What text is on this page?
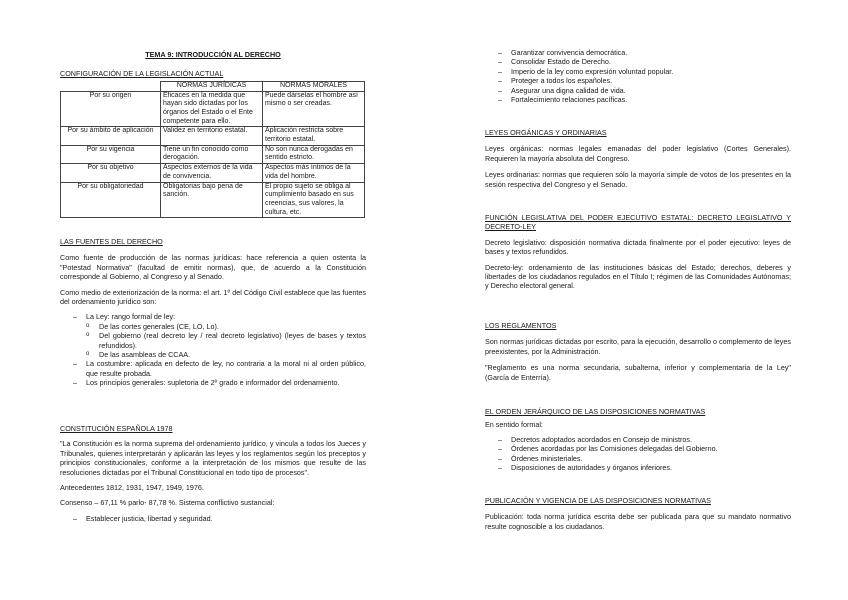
TEMA 9: INTRODUCCIÓN AL DERECHO
CONFIGURACIÓN DE LA LEGISLACIÓN ACTUAL
	NORMAS JURÍDICAS	NORMAS MORALES
Por su origen	Eficaces en la medida que hayan sido dictadas por los órganos del Estado o el Ente competente para ello.	Puede dárselas el hombre así mismo o ser creadas.
Por su ámbito de aplicación	Validez en territorio estatal.	Aplicación restricta sobre territorio estatal.
Por su vigencia	Tiene un fin conocido como derogación.	No son nunca derogadas en sentido estricto.
Por su objetivo	Aspectos externos de la vida de convivencia.	Aspectos más íntimos de la vida del hombre.
Por su obligatoriedad	Obligatorias bajo pena de sanción.	El propio sujeto se obliga al cumplimiento basado en sus creencias, sus valores, la cultura, etc.

LAS FUENTES DEL DERECHO

Como fuente de producción de las normas jurídicas: hace referencia a quien ostenta la "Potestad Normativa" (facultad de emitir normas), que, de acuerdo a la Constitución corresponde al Gobierno, al Congreso y al Senado.

Como medio de exteriorización de la norma: el art. 1º del Código Civil establece que las fuentes del ordenamiento jurídico son:

– La Ley: rango formal de ley:
o De las cortes generales (CE, LO, Lo).
o Del gobierno (real decreto ley / real decreto legislativo) (leyes de bases y textos refundidos).
o De las asambleas de CCAA.
– La costumbre: aplicada en defecto de ley, no contraria a la moral ni al orden público, que resulte probada.
– Los principios generales: supletoria de 2º grado e informador del ordenamiento.

CONSTITUCIÓN ESPAÑOLA 1978

"La Constitución es la norma suprema del ordenamiento jurídico, y vincula a todos los Jueces y Tribunales, quienes interpretarán y aplicarán las leyes y los reglamentos según los preceptos y principios constitucionales, conforme a la interpretación de los mismos que resulte de las resoluciones dictadas por el Tribunal Constitucional en todo tipo de procesos".

Antecedentes 1812, 1931, 1947, 1949, 1976.

Consenso – 67,11 % parlo- 87,78 %. Sistema conflictivo sustancial:

– Establecer justicia, libertad y seguridad.
– Garantizar convivencia democrática.
– Consolidar Estado de Derecho.
– Imperio de la ley como expresión voluntad popular.
– Proteger a todos los españoles.
– Asegurar una digna calidad de vida.
– Fortalecimiento relaciones pacíficas.

LEYES ORGÁNICAS Y ORDINARIAS

Leyes orgánicas: normas legales emanadas del poder legislativo (Cortes Generales). Requieren la mayoría absoluta del Congreso.

Leyes ordinarias: normas que requieren sólo la mayoría simple de votos de los presentes en la sesión respectiva del Congreso y el Senado.

FUNCIÓN LEGISLATIVA DEL PODER EJECUTIVO ESTATAL: DECRETO LEGISLATIVO Y DECRETO-LEY

Decreto legislativo: disposición normativa dictada finalmente por el poder ejecutivo: leyes de bases y textos refundidos.

Decreto-ley: ordenamiento de las instituciones básicas del Estado; derechos, deberes y libertades de los ciudadanos regulados en el Título I; régimen de las Comunidades Autónomas; y Derecho electoral general.

LOS REGLAMENTOS

Son normas jurídicas dictadas por escrito, para la ejecución, desarrollo o complemento de leyes preexistentes, por la Administración.

"Reglamento es una norma secundaria, subalterna, inferior y complementaria de la Ley" (García de Enterría).

EL ORDEN JERÁRQUICO DE LAS DISPOSICIONES NORMATIVAS

En sentido formal:

– Decretos adoptados acordados en Consejo de ministros.
– Órdenes acordadas por las Comisiones delegadas del Gobierno.
– Órdenes ministeriales.
– Disposiciones de autoridades y órganos inferiores.

PUBLICACIÓN Y VIGENCIA DE LAS DISPOSICIONES NORMATIVAS

Publicación: toda norma jurídica escrita debe ser publicada para que su mandato normativo resulte cognoscible a los ciudadanos.
